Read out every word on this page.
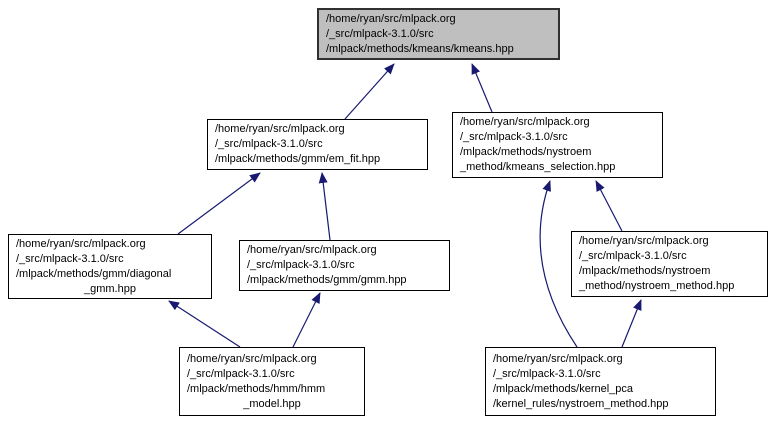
/home/ryan/src/mlpack.org
/_src/mlpack-3.1.0/src
/mlpack/methods/kmeans/kmeans.hpp
/home/ryan/src/mlpack.org
/_src/mlpack-3.1.0/src
/mlpack/methods/gmm/em_fit.hpp
/home/ryan/src/mlpack.org
/_src/mlpack-3.1.0/src
/mlpack/methods/nystroem
_method/kmeans_selection.hpp
/home/ryan/src/mlpack.org
/_src/mlpack-3.1.0/src
/mlpack/methods/gmm/diagonal
_gmm.hpp
/home/ryan/src/mlpack.org
/_src/mlpack-3.1.0/src
/mlpack/methods/gmm/gmm.hpp
/home/ryan/src/mlpack.org
/_src/mlpack-3.1.0/src
/mlpack/methods/nystroem
_method/nystroem_method.hpp
/home/ryan/src/mlpack.org
/_src/mlpack-3.1.0/src
/mlpack/methods/hmm/hmm
_model.hpp
/home/ryan/src/mlpack.org
/_src/mlpack-3.1.0/src
/mlpack/methods/kernel_pca
/kernel_rules/nystroem_method.hpp
